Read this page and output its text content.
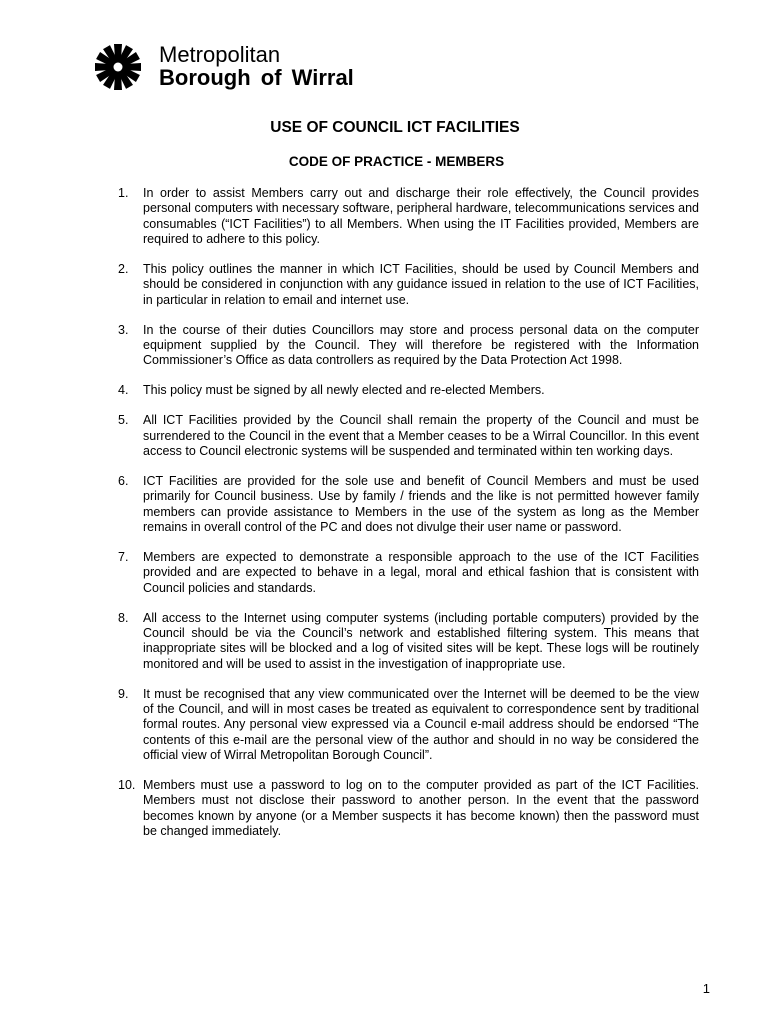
Metropolitan
Borough of Wirral
USE OF COUNCIL ICT FACILITIES
CODE OF PRACTICE - MEMBERS
1.	In order to assist Members carry out and discharge their role effectively, the Council provides personal computers with necessary software, peripheral hardware, telecommunications services and consumables (“ICT Facilities”) to all Members. When using the IT Facilities provided, Members are required to adhere to this policy.

2.	This policy outlines the manner in which ICT Facilities, should be used by Council Members and should be considered in conjunction with any guidance issued in relation to the use of ICT Facilities, in particular in relation to email and internet use.

3.	In the course of their duties Councillors may store and process personal data on the computer equipment supplied by the Council. They will therefore be registered with the Information Commissioner’s Office as data controllers as required by the Data Protection Act 1998.

4.	This policy must be signed by all newly elected and re-elected Members.

5.	All ICT Facilities provided by the Council shall remain the property of the Council and must be surrendered to the Council in the event that a Member ceases to be a Wirral Councillor. In this event access to Council electronic systems will be suspended and terminated within ten working days.

6.	ICT Facilities are provided for the sole use and benefit of Council Members and must be used primarily for Council business. Use by family / friends and the like is not permitted however family members can provide assistance to Members in the use of the system as long as the Member remains in overall control of the PC and does not divulge their user name or password.

7.	Members are expected to demonstrate a responsible approach to the use of the ICT Facilities provided and are expected to behave in a legal, moral and ethical fashion that is consistent with Council policies and standards.

8.	All access to the Internet using computer systems (including portable computers) provided by the Council should be via the Council’s network and established filtering system. This means that inappropriate sites will be blocked and a log of visited sites will be kept. These logs will be routinely monitored and will be used to assist in the investigation of inappropriate use.

9.	It must be recognised that any view communicated over the Internet will be deemed to be the view of the Council, and will in most cases be treated as equivalent to correspondence sent by traditional formal routes. Any personal view expressed via a Council e-mail address should be endorsed “The contents of this e-mail are the personal view of the author and should in no way be considered the official view of Wirral Metropolitan Borough Council”.

10. Members must use a password to log on to the computer provided as part of the ICT Facilities. Members must not disclose their password to another person. In the event that the password becomes known by anyone (or a Member suspects it has become known) then the password must be changed immediately.

1
